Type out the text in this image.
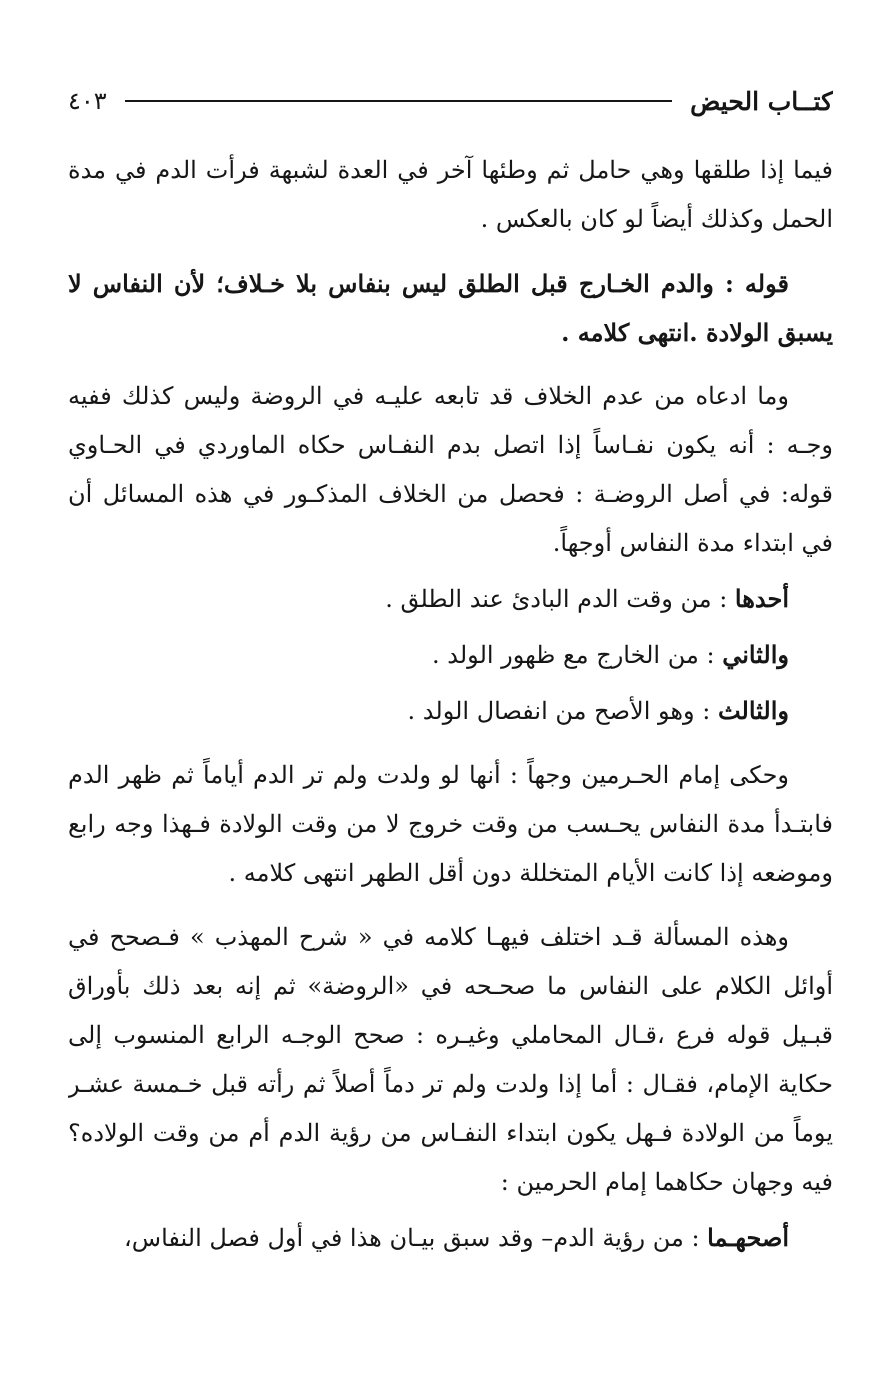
كتــاب الحيض
٤٠٣

فيما إذا طلقها وهي حامل ثم وطئها آخر في العدة لشبهة فرأت الدم في مدة الحمل وكذلك أيضاً لو كان بالعكس .

قوله : والدم الخـارج قبل الطلق ليس بنفاس بلا خـلاف؛ لأن النفاس لا يسبق الولادة .انتهى كلامه .

وما ادعاه من عدم الخلاف قد تابعه عليـه في الروضة وليس كذلك ففيه وجـه : أنه يكون نفـاساً إذا اتصل بدم النفـاس حكاه الماوردي في الحـاوي قوله: في أصل الروضـة : فحصل من الخلاف المذكـور في هذه المسائل أن في ابتداء مدة النفاس أوجهاً.

أحدها : من وقت الدم البادئ عند الطلق .

والثاني : من الخارج مع ظهور الولد .

والثالث : وهو الأصح من انفصال الولد .

وحكى إمام الحـرمين وجهاً : أنها لو ولدت ولم تر الدم أياماً ثم ظهر الدم فابتـدأ مدة النفاس يحـسب من وقت خروج لا من وقت الولادة فـهذا وجه رابع وموضعه إذا كانت الأيام المتخللة دون أقل الطهر انتهى كلامه .

وهذه المسألة قـد اختلف فيهـا كلامه في « شرح المهذب » فـصحح في أوائل الكلام على النفاس ما صحـحه في «الروضة» ثم إنه بعد ذلك بأوراق قبـيل قوله فرع ،قـال المحاملي وغيـره : صحح الوجـه الرابع المنسوب إلى حكاية الإمام، فقـال : أما إذا ولدت ولم تر دماً أصلاً ثم رأته قبل خـمسة عشـر يوماً من الولادة فـهل يكون ابتداء النفـاس من رؤية الدم أم من وقت الولاده؟ فيه وجهان حكاهما إمام الحرمين :

أصحهـما : من رؤية الدم– وقد سبق بيـان هذا في أول فصل النفاس،
